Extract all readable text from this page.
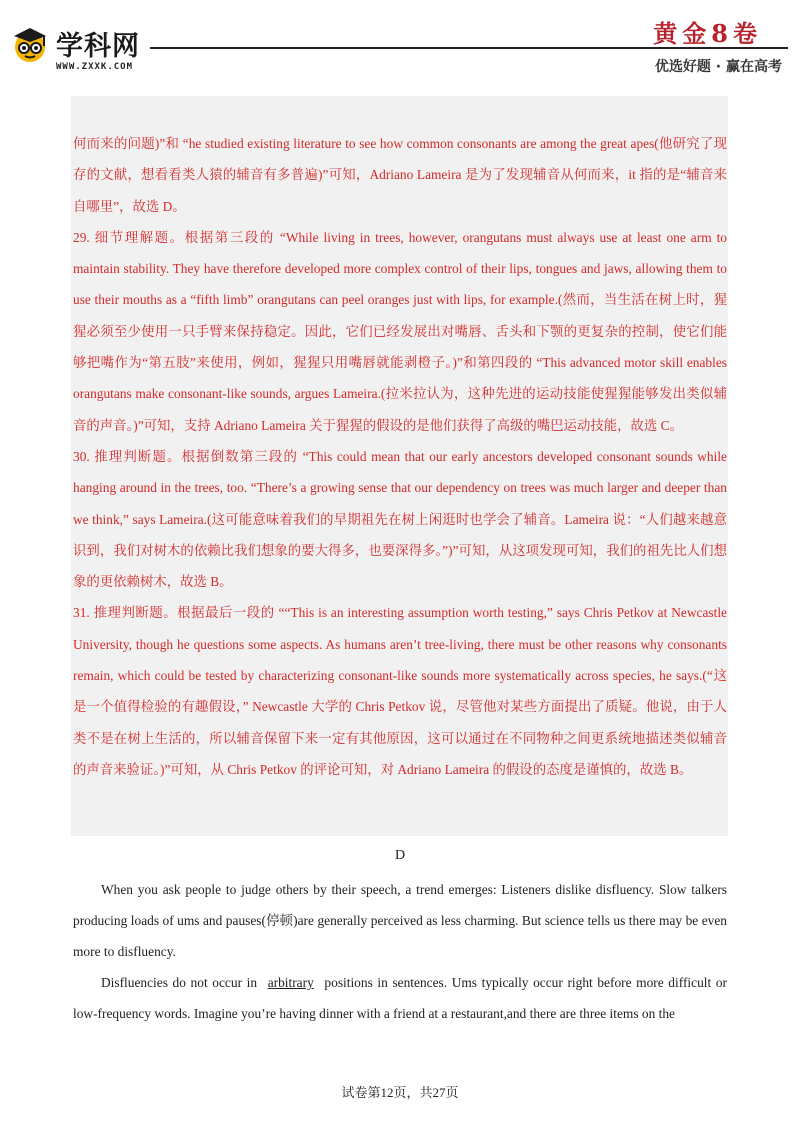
学科网
WWW.ZXXK.COM
黄金8卷
优选好题 · 赢在高考

何而来的问题)”和 “he studied existing literature to see how common consonants are among the great apes(他研究了现存的文献，想看看类人猿的辅音有多普遍)”可知，Adriano Lameira 是为了发现辅音从何而来，it 指的是“辅音来自哪里”，故选 D。

29. 细节理解题。根据第三段的 “While living in trees, however, orangutans must always use at least one arm to maintain stability. They have therefore developed more complex control of their lips, tongues and jaws, allowing them to use their mouths as a “fifth limb” orangutans can peel oranges just with lips, for example.(然而，当生活在树上时，猩猩必须至少使用一只手臂来保持稳定。因此，它们已经发展出对嘴唇、舌头和下颚的更复杂的控制，使它们能够把嘴作为“第五肢”来使用，例如，猩猩只用嘴唇就能剥橙子。)”和第四段的 “This advanced motor skill enables orangutans make consonant-like sounds, argues Lameira.(拉米拉认为，这种先进的运动技能使猩猩能够发出类似辅音的声音。)”可知，支持 Adriano Lameira 关于猩猩的假设的是他们获得了高级的嘴巴运动技能，故选 C。

30. 推理判断题。根据倒数第三段的 “This could mean that our early ancestors developed consonant sounds while hanging around in the trees, too. “There’s a growing sense that our dependency on trees was much larger and deeper than we think,” says Lameira.(这可能意味着我们的早期祖先在树上闲逛时也学会了辅音。Lameira 说：“人们越来越意识到，我们对树木的依赖比我们想象的要大得多，也要深得多。”)”可知，从这项发现可知，我们的祖先比人们想象的更依赖树木，故选 B。

31. 推理判断题。根据最后一段的 ““This is an interesting assumption worth testing,” says Chris Petkov at Newcastle University, though he questions some aspects. As humans aren’t tree-living, there must be other reasons why consonants remain, which could be tested by characterizing consonant-like sounds more systematically across species, he says.(“这是一个值得检验的有趣假设，” Newcastle 大学的 Chris Petkov 说，尽管他对某些方面提出了质疑。他说，由于人类不是在树上生活的，所以辅音保留下来一定有其他原因，这可以通过在不同物种之间更系统地描述类似辅音的声音来验证。)”可知，从 Chris Petkov 的评论可知，对 Adriano Lameira 的假设的态度是谨慎的，故选 B。

D

When you ask people to judge others by their speech, a trend emerges: Listeners dislike disfluency. Slow talkers producing loads of ums and pauses(停顿)are generally perceived as less charming. But science tells us there may be even more to disfluency.

Disfluencies do not occur in arbitrary positions in sentences. Ums typically occur right before more difficult or low-frequency words. Imagine you’re having dinner with a friend at a restaurant,and there are three items on the

试卷第12页，共27页
